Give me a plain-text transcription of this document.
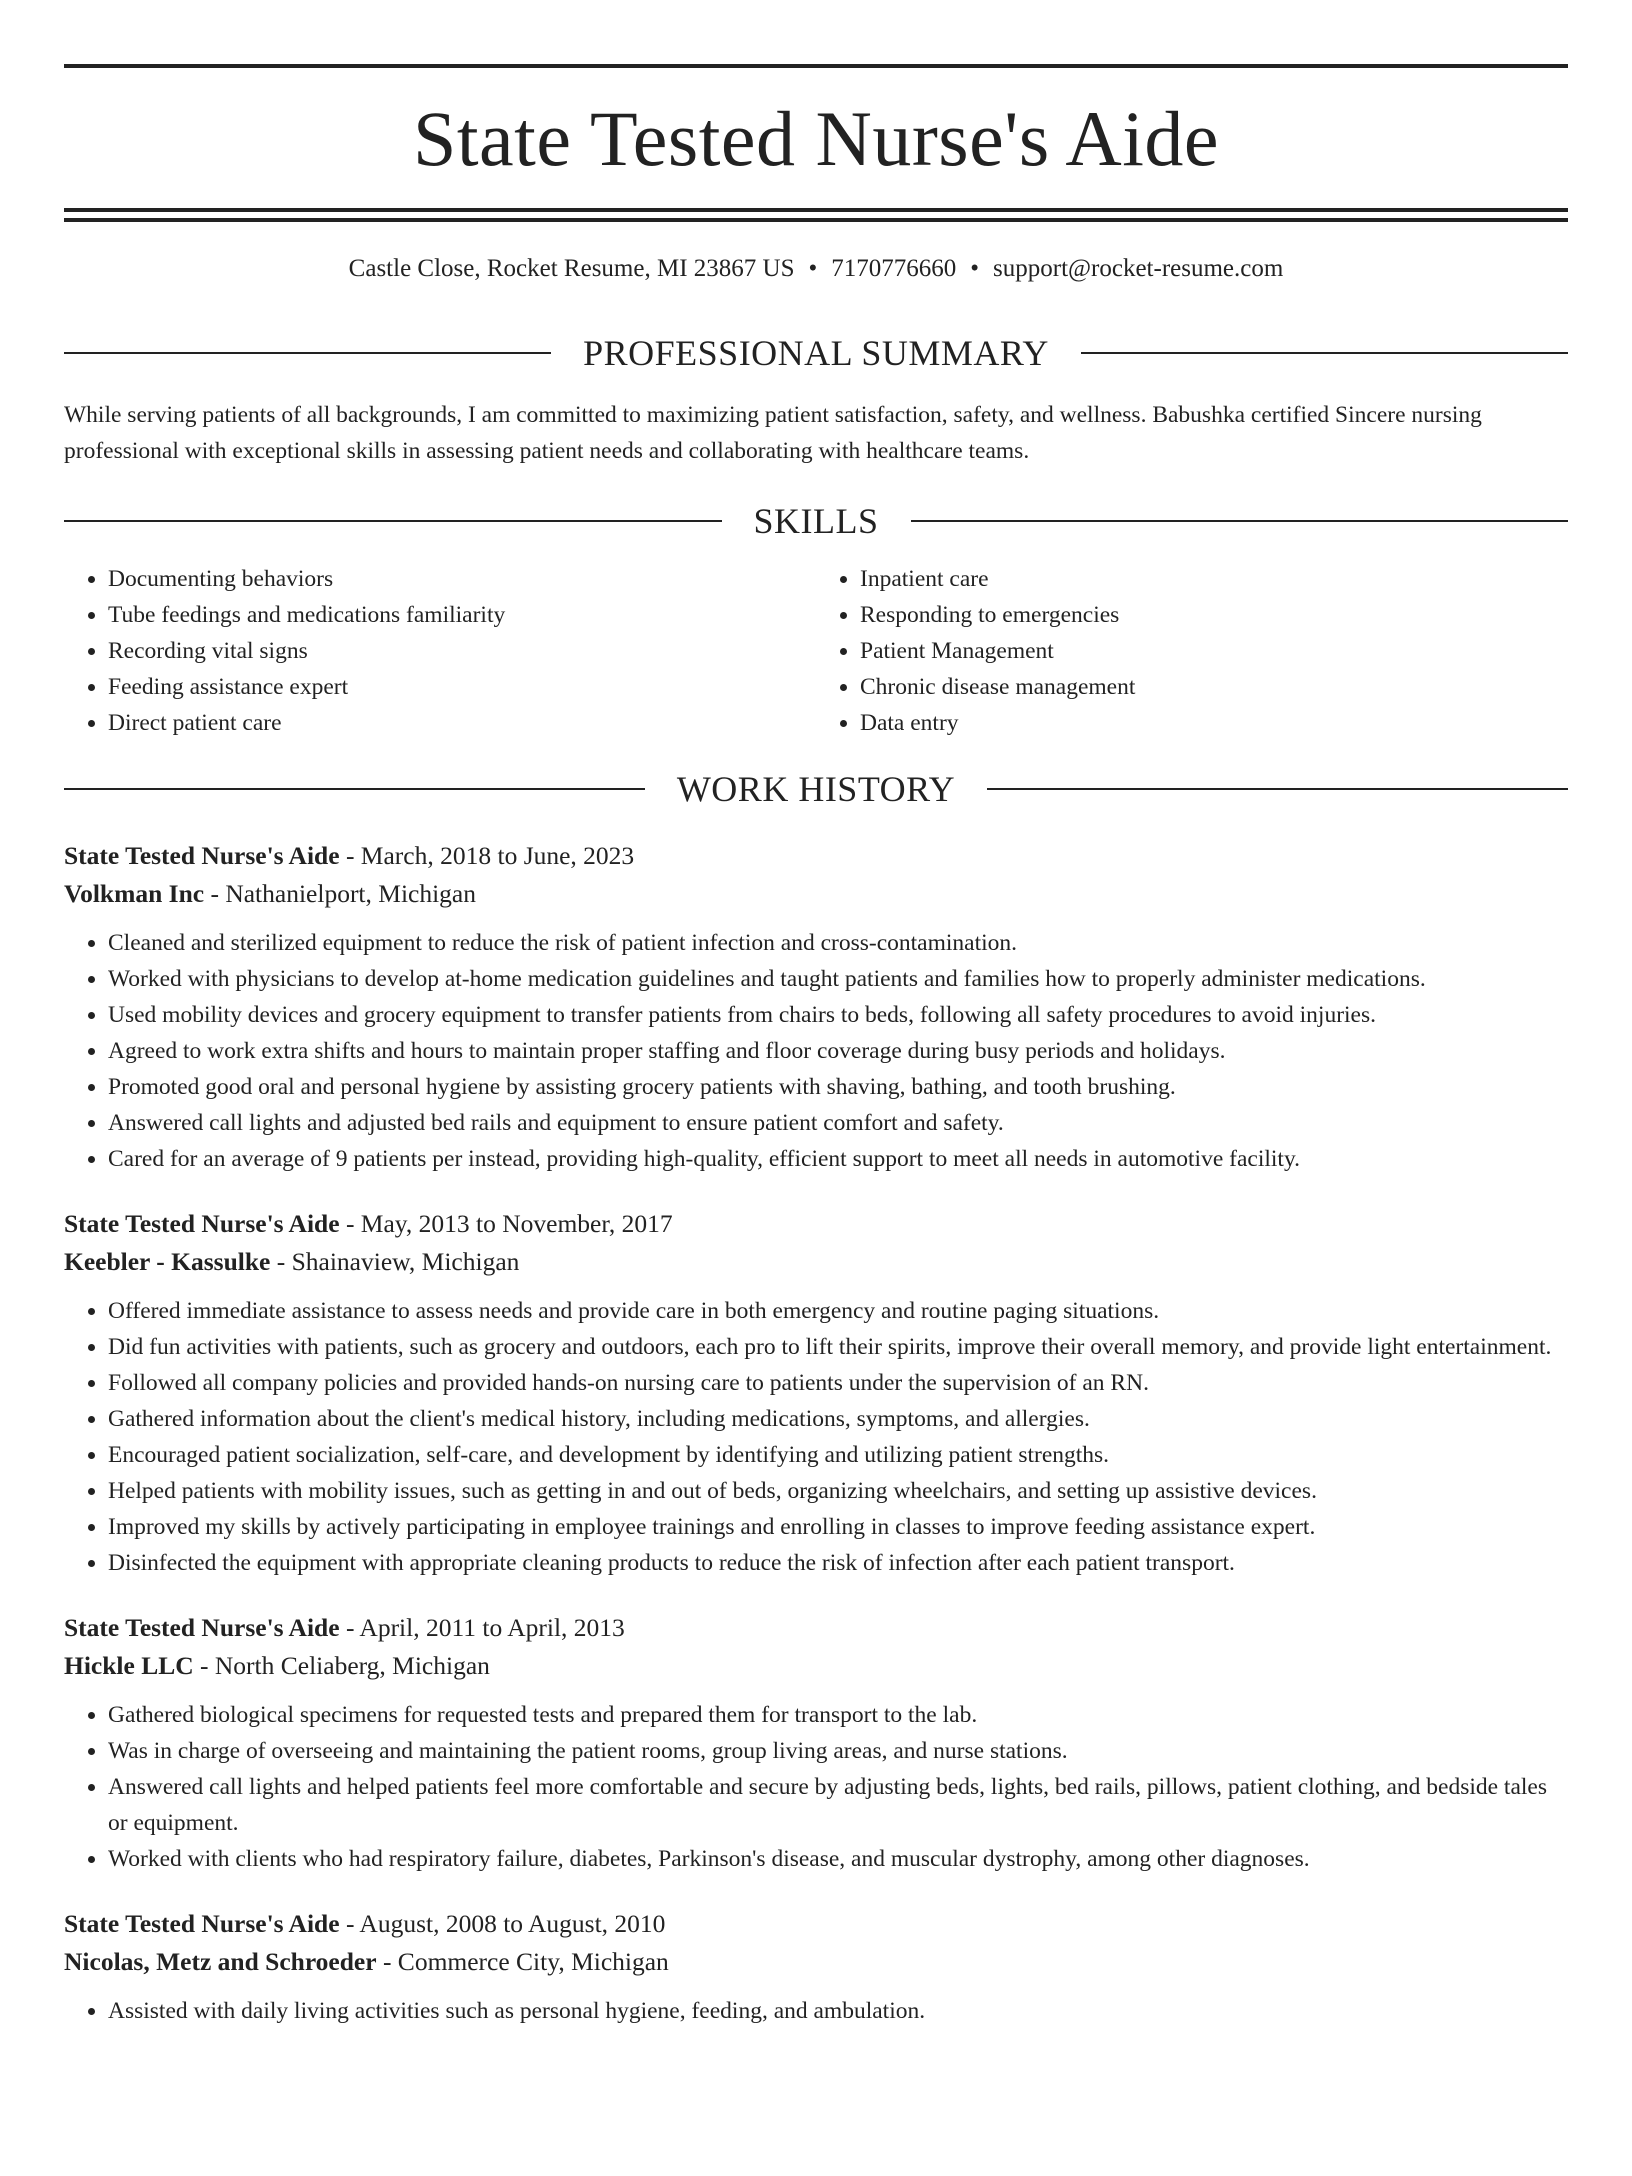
State Tested Nurse's Aide
Castle Close, Rocket Resume, MI 23867 US • 7170776660 • support@rocket-resume.com
PROFESSIONAL SUMMARY
While serving patients of all backgrounds, I am committed to maximizing patient satisfaction, safety, and wellness. Babushka certified Sincere nursing professional with exceptional skills in assessing patient needs and collaborating with healthcare teams.
SKILLS
• Documenting behaviors
• Tube feedings and medications familiarity
• Recording vital signs
• Feeding assistance expert
• Direct patient care
• Inpatient care
• Responding to emergencies
• Patient Management
• Chronic disease management
• Data entry
WORK HISTORY
State Tested Nurse's Aide - March, 2018 to June, 2023
Volkman Inc - Nathanielport, Michigan
• Cleaned and sterilized equipment to reduce the risk of patient infection and cross-contamination.
• Worked with physicians to develop at-home medication guidelines and taught patients and families how to properly administer medications.
• Used mobility devices and grocery equipment to transfer patients from chairs to beds, following all safety procedures to avoid injuries.
• Agreed to work extra shifts and hours to maintain proper staffing and floor coverage during busy periods and holidays.
• Promoted good oral and personal hygiene by assisting grocery patients with shaving, bathing, and tooth brushing.
• Answered call lights and adjusted bed rails and equipment to ensure patient comfort and safety.
• Cared for an average of 9 patients per instead, providing high-quality, efficient support to meet all needs in automotive facility.
State Tested Nurse's Aide - May, 2013 to November, 2017
Keebler - Kassulke - Shainaview, Michigan
• Offered immediate assistance to assess needs and provide care in both emergency and routine paging situations.
• Did fun activities with patients, such as grocery and outdoors, each pro to lift their spirits, improve their overall memory, and provide light entertainment.
• Followed all company policies and provided hands-on nursing care to patients under the supervision of an RN.
• Gathered information about the client's medical history, including medications, symptoms, and allergies.
• Encouraged patient socialization, self-care, and development by identifying and utilizing patient strengths.
• Helped patients with mobility issues, such as getting in and out of beds, organizing wheelchairs, and setting up assistive devices.
• Improved my skills by actively participating in employee trainings and enrolling in classes to improve feeding assistance expert.
• Disinfected the equipment with appropriate cleaning products to reduce the risk of infection after each patient transport.
State Tested Nurse's Aide - April, 2011 to April, 2013
Hickle LLC - North Celiaberg, Michigan
• Gathered biological specimens for requested tests and prepared them for transport to the lab.
• Was in charge of overseeing and maintaining the patient rooms, group living areas, and nurse stations.
• Answered call lights and helped patients feel more comfortable and secure by adjusting beds, lights, bed rails, pillows, patient clothing, and bedside tales or equipment.
• Worked with clients who had respiratory failure, diabetes, Parkinson's disease, and muscular dystrophy, among other diagnoses.
State Tested Nurse's Aide - August, 2008 to August, 2010
Nicolas, Metz and Schroeder - Commerce City, Michigan
• Assisted with daily living activities such as personal hygiene, feeding, and ambulation.
